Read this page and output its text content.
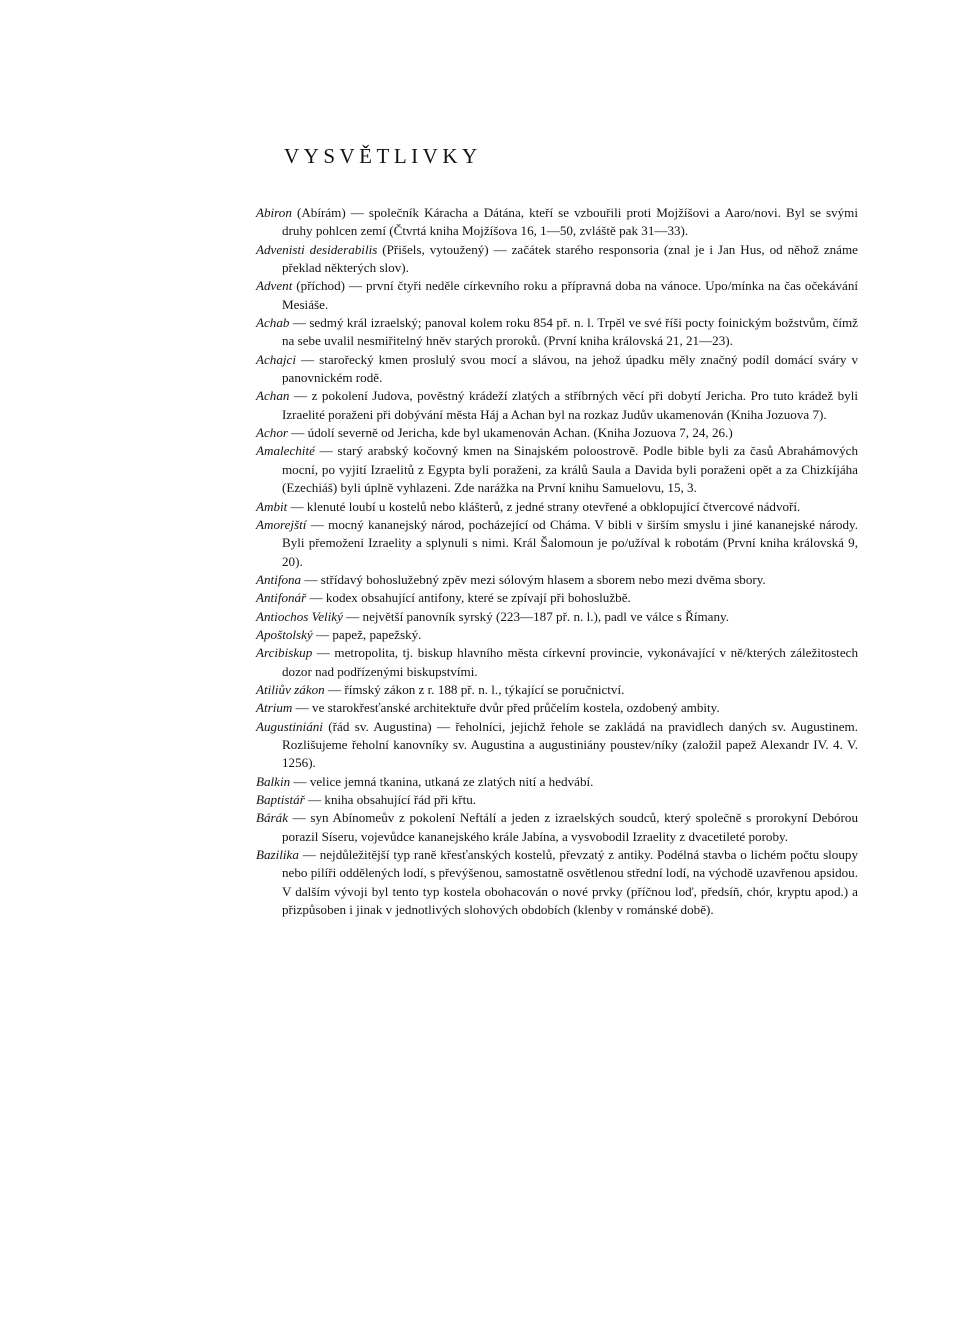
VYSVĚTLIVKY

Abiron (Abírám) — společník Káracha a Dátána, kteří se vzbouřili proti Mojžíšovi a Aaro/novi. Byl se svými druhy pohlcen zemí (Čtvrtá kniha Mojžíšova 16, 1—50, zvláště pak 31—33).

Advenisti desiderabilis (Přišels, vytoužený) — začátek starého responsoria (znal je i Jan Hus, od něhož známe překlad některých slov).

Advent (příchod) — první čtyři neděle církevního roku a přípravná doba na vánoce. Upo/mínka na čas očekávání Mesiáše.

Achab — sedmý král izraelský; panoval kolem roku 854 př. n. l. Trpěl ve své říši pocty foinickým božstvům, čímž na sebe uvalil nesmiřitelný hněv starých proroků. (První kniha královská 21, 21—23).

Achajci — starořecký kmen proslulý svou mocí a slávou, na jehož úpadku měly značný podíl domácí sváry v panovnickém rodě.

Achan — z pokolení Judova, pověstný krádeží zlatých a stříbrných věcí při dobytí Jericha. Pro tuto krádež byli Izraelité poraženi při dobývání města Háj a Achan byl na rozkaz Judův ukamenován (Kniha Jozuova 7).

Achor — údolí severně od Jericha, kde byl ukamenován Achan. (Kniha Jozuova 7, 24, 26.)

Amalechité — starý arabský kočovný kmen na Sinajském poloostrově. Podle bible byli za časů Abrahámových mocní, po vyjití Izraelitů z Egypta byli poraženi, za králů Saula a Davida byli poraženi opět a za Chizkíjáha (Ezechiáš) byli úplně vyhlazeni. Zde narážka na První knihu Samuelovu, 15, 3.

Ambit — klenuté loubí u kostelů nebo klášterů, z jedné strany otevřené a obklopující čtvercové nádvoří.

Amorejští — mocný kananejský národ, pocházející od Cháma. V bibli v širším smyslu i jiné kananejské národy. Byli přemoženi Izraelity a splynuli s nimi. Král Šalomoun je po/užíval k robotám (První kniha královská 9, 20).

Antifona — střídavý bohoslužebný zpěv mezi sólovým hlasem a sborem nebo mezi dvěma sbory.

Antifonář — kodex obsahující antifony, které se zpívají při bohoslužbě.

Antiochos Veliký — největší panovník syrský (223—187 př. n. l.), padl ve válce s Římany.

Apoštolský — papež, papežský.

Arcibiskup — metropolita, tj. biskup hlavního města církevní provincie, vykonávající v ně/kterých záležitostech dozor nad podřízenými biskupstvími.

Atiliův zákon — římský zákon z r. 188 př. n. l., týkající se poručnictví.

Atrium — ve starokřesťanské architektuře dvůr před průčelím kostela, ozdobený ambity.

Augustiniáni (řád sv. Augustina) — řeholníci, jejichž řehole se zakládá na pravidlech daných sv. Augustinem. Rozlišujeme řeholní kanovníky sv. Augustina a augustiniány poustev/níky (založil papež Alexandr IV. 4. V. 1256).

Balkin — velice jemná tkanina, utkaná ze zlatých nití a hedvábí.

Baptistář — kniha obsahující řád při křtu.

Bárák — syn Abínomeův z pokolení Neftálí a jeden z izraelských soudců, který společně s prorokyní Debórou porazil Síseru, vojevůdce kananejského krále Jabína, a vysvobodil Izraelity z dvacetileté poroby.

Bazilika — nejdůležitější typ raně křesťanských kostelů, převzatý z antiky. Podélná stavba o lichém počtu sloupy nebo pilíři oddělených lodí, s převýšenou, samostatně osvětlenou střední lodí, na východě uzavřenou apsidou. V dalším vývoji byl tento typ kostela obohacován o nové prvky (příčnou loď, předsíň, chór, kryptu apod.) a přizpůsoben i jinak v jednotlivých slohových obdobích (klenby v románské době).
